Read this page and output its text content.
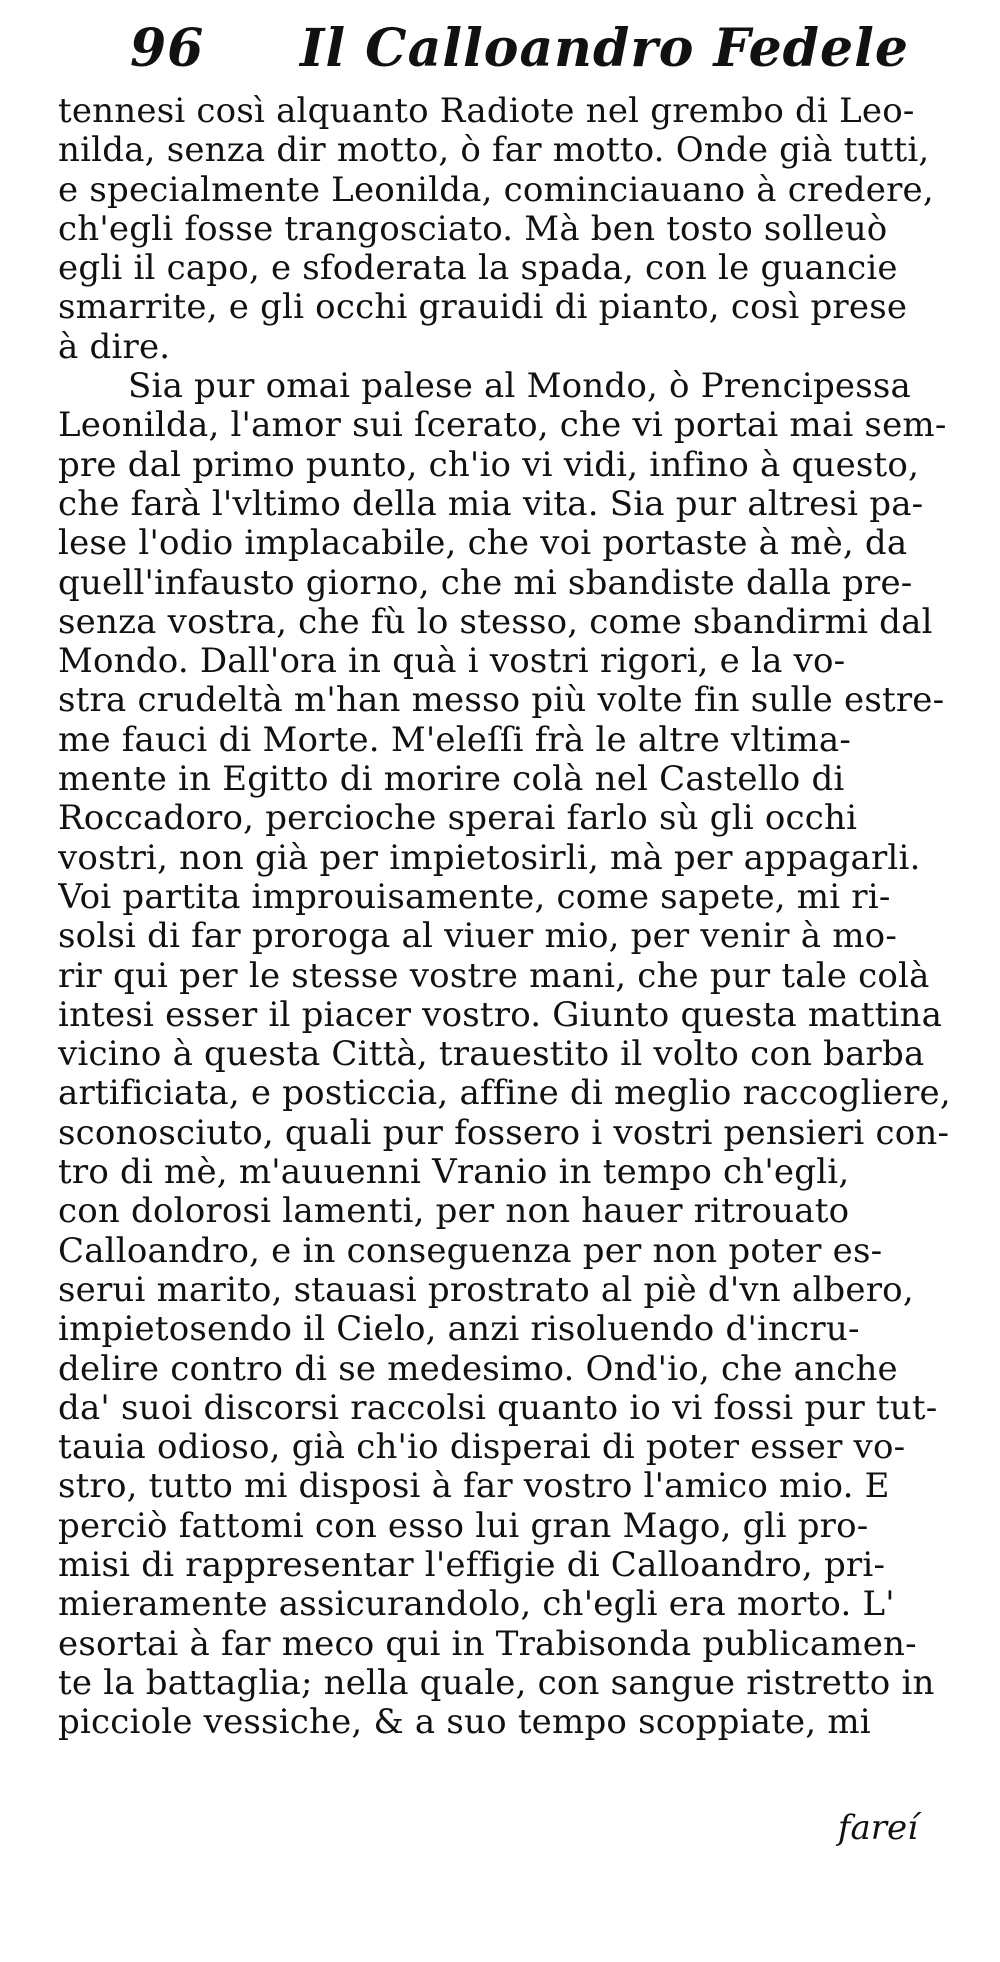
96 Il Calloandro Fedele
tennesi così alquanto Radiote nel grembo di Leo-
nilda, senza dir motto, ò far motto. Onde già tutti,
e specialmente Leonilda, cominciauano à credere,
ch'egli fosse trangosciato. Mà ben tosto solleuò
egli il capo, e sfoderata la spada, con le guancie
smarrite, e gli occhi grauidi di pianto, così prese
à dire.
Sia pur omai palese al Mondo, ò Prencipessa
Leonilda, l'amor sui ſcerato, che vi portai mai sem-
pre dal primo punto, ch'io vi vidi, infino à questo,
che farà l'vltimo della mia vita. Sia pur altresi pa-
lese l'odio implacabile, che voi portaste à mè, da
quell'infausto giorno, che mi sbandiste dalla pre-
senza vostra, che fù lo stesso, come sbandirmi dal
Mondo. Dall'ora in quà i vostri rigori, e la vo-
stra crudeltà m'han messo più volte fin sulle estre-
me fauci di Morte. M'eleſſi frà le altre vltima-
mente in Egitto di morire colà nel Castello di
Roccadoro, percioche sperai farlo sù gli occhi
vostri, non già per impietosirli, mà per appagarli.
Voi partita improuisamente, come sapete, mi ri-
solsi di far proroga al viuer mio, per venir à mo-
rir qui per le stesse vostre mani, che pur tale colà
intesi esser il piacer vostro. Giunto questa mattina
vicino à questa Città, trauestito il volto con barba
artificiata, e posticcia, affine di meglio raccogliere,
sconosciuto, quali pur fossero i vostri pensieri con-
tro di mè, m'auuenni Vranio in tempo ch'egli,
con dolorosi lamenti, per non hauer ritrouato
Calloandro, e in conseguenza per non poter es-
serui marito, stauasi prostrato al piè d'vn albero,
impietosendo il Cielo, anzi risoluendo d'incru-
delire contro di se medesimo. Ond'io, che anche
da' suoi discorsi raccolsi quanto io vi fossi pur tut-
tauia odioso, già ch'io disperai di poter esser vo-
stro, tutto mi disposi à far vostro l'amico mio. E
perciò fattomi con esso lui gran Mago, gli pro-
misi di rappresentar l'effigie di Calloandro, pri-
mieramente assicurandolo, ch'egli era morto. L'
esortai à far meco qui in Trabisonda publicamen-
te la battaglia; nella quale, con sangue ristretto in
picciole vessiche, & a suo tempo scoppiate, mi
fareí
